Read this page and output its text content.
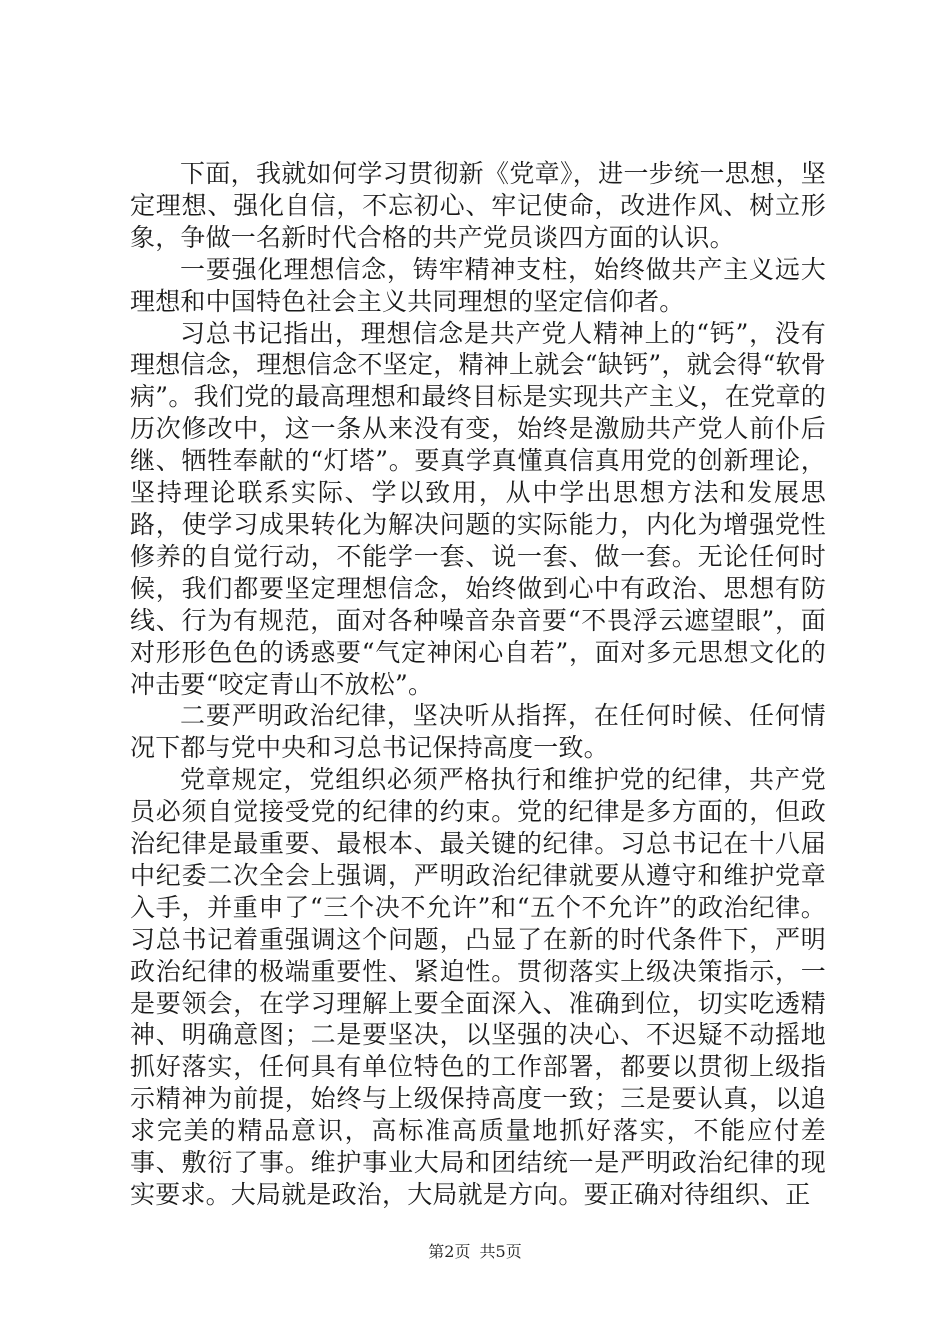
下面，我就如何学习贯彻新《党章》，进一步统一思想，坚定理想、强化自信，不忘初心、牢记使命，改进作风、树立形象，争做一名新时代合格的共产党员谈四方面的认识。

一要强化理想信念，铸牢精神支柱，始终做共产主义远大理想和中国特色社会主义共同理想的坚定信仰者。

习总书记指出，理想信念是共产党人精神上的“钙”，没有理想信念，理想信念不坚定，精神上就会“缺钙”，就会得“软骨病”。我们党的最高理想和最终目标是实现共产主义，在党章的历次修改中，这一条从来没有变，始终是激励共产党人前仆后继、牺牲奉献的“灯塔”。要真学真懂真信真用党的创新理论，坚持理论联系实际、学以致用，从中学出思想方法和发展思路，使学习成果转化为解决问题的实际能力，内化为增强党性修养的自觉行动，不能学一套、说一套、做一套。无论任何时候，我们都要坚定理想信念，始终做到心中有政治、思想有防线、行为有规范，面对各种噪音杂音要“不畏浮云遮望眼”，面对形形色色的诱惑要“气定神闲心自若”，面对多元思想文化的冲击要“咬定青山不放松”。

二要严明政治纪律，坚决听从指挥，在任何时候、任何情况下都与党中央和习总书记保持高度一致。

党章规定，党组织必须严格执行和维护党的纪律，共产党员必须自觉接受党的纪律的约束。党的纪律是多方面的，但政治纪律是最重要、最根本、最关键的纪律。习总书记在十八届中纪委二次全会上强调，严明政治纪律就要从遵守和维护党章入手，并重申了“三个决不允许”和“五个不允许”的政治纪律。习总书记着重强调这个问题，凸显了在新的时代条件下，严明政治纪律的极端重要性、紧迫性。贯彻落实上级决策指示，一是要领会，在学习理解上要全面深入、准确到位，切实吃透精神、明确意图；二是要坚决，以坚强的决心、不迟疑不动摇地抓好落实，任何具有单位特色的工作部署，都要以贯彻上级指示精神为前提，始终与上级保持高度一致；三是要认真，以追求完美的精品意识，高标准高质量地抓好落实，不能应付差事、敷衍了事。维护事业大局和团结统一是严明政治纪律的现实要求。大局就是政治，大局就是方向。要正确对待组织、正

第2页 共5页
